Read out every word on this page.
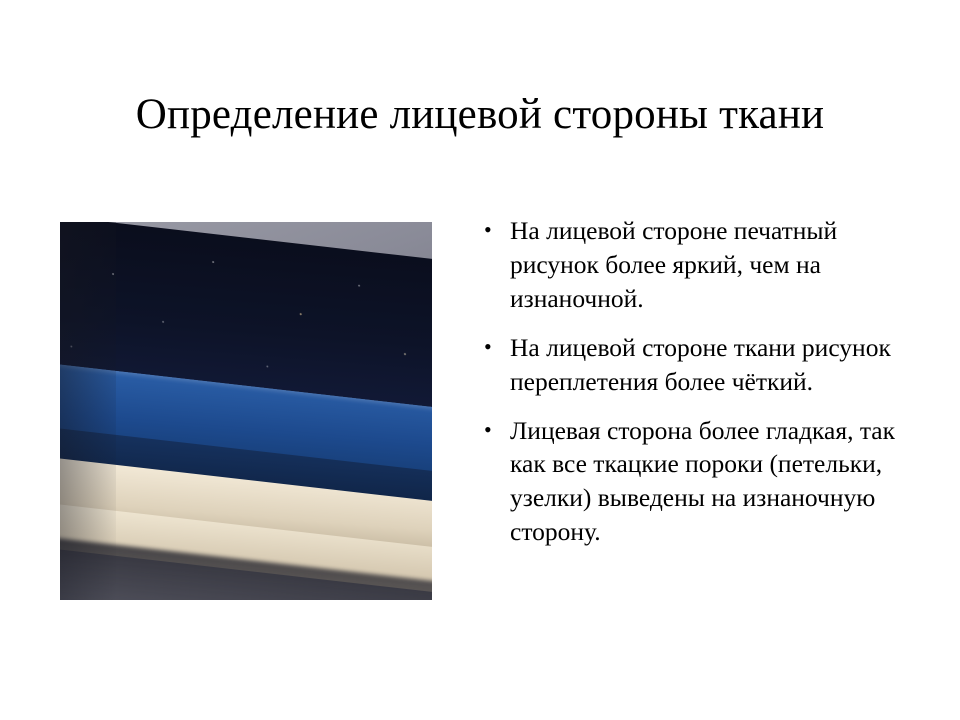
Определение лицевой стороны ткани
• На лицевой стороне печатный рисунок более яркий, чем на изнаночной.
• На лицевой стороне ткани рисунок переплетения более чёткий.
• Лицевая сторона более гладкая, так как все ткацкие пороки (петельки, узелки) выведены на изнаночную сторону.
